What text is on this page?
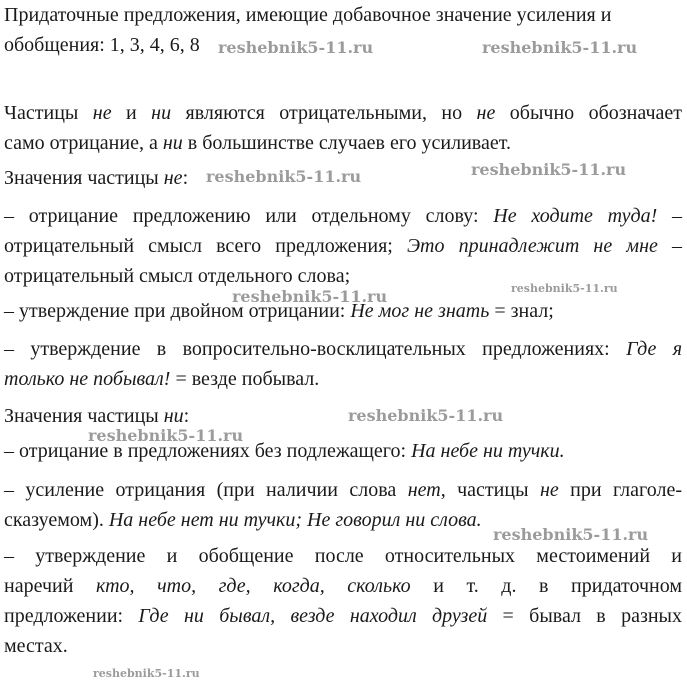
Придаточные предложения, имеющие добавочное значение усиления и
обобщения: 1, 3, 4, 6, 8
Частицы не и ни являются отрицательными, но не обычно обозначает
само отрицание, а ни в большинстве случаев его усиливает.
Значения частицы не:
– отрицание предложению или отдельному слову: Не ходите туда! –
отрицательный смысл всего предложения; Это принадлежит не мне –
отрицательный смысл отдельного слова;
– утверждение при двойном отрицании: Не мог не знать = знал;
– утверждение в вопросительно-восклицательных предложениях: Где я
только не побывал! = везде побывал.
Значения частицы ни:
– отрицание в предложениях без подлежащего: На небе ни тучки.
– усиление отрицания (при наличии слова нет, частицы не при глаголе-
сказуемом). На небе нет ни тучки; Не говорил ни слова.
– утверждение и обобщение после относительных местоимений и
наречий кто, что, где, когда, сколько и т. д. в придаточном
предложении: Где ни бывал, везде находил друзей = бывал в разных
местах.
reshebnik5-11.ru	reshebnik5-11.ru
reshebnik5-11.ru
reshebnik5-11.ru
reshebnik5-11.ru
reshebnik5-11.ru
reshebnik5-11.ru
reshebnik5-11.ru
reshebnik5-11.ru
reshebnik5-11.ru
